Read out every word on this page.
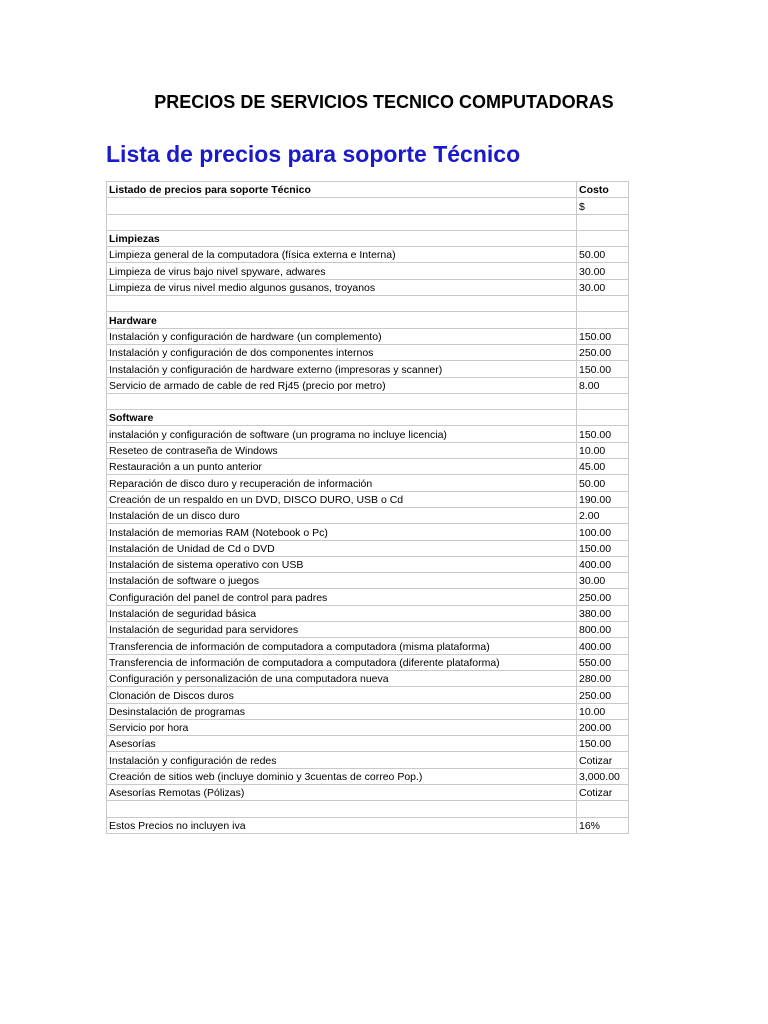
PRECIOS DE SERVICIOS TECNICO COMPUTADORAS
Lista de precios para soporte Técnico
Listado de precios para soporte Técnico	Costo
	$

Limpiezas	
Limpieza general de la computadora (física externa e Interna)	50.00
Limpieza de virus bajo nivel spyware, adwares	30.00
Limpieza de virus nivel medio algunos gusanos, troyanos	30.00

Hardware	
Instalación y configuración de hardware (un complemento)	150.00
Instalación y configuración de dos componentes internos	250.00
Instalación y configuración de hardware externo (impresoras y scanner)	150.00
Servicio de armado de cable de red Rj45 (precio por metro)	8.00

Software	
instalación y configuración de software (un programa no incluye licencia)	150.00
Reseteo de contraseña de Windows	10.00
Restauración a un punto anterior	45.00
Reparación de disco duro y recuperación de información	50.00
Creación de un respaldo en un DVD, DISCO DURO, USB o Cd	190.00
Instalación de un disco duro	2.00
Instalación de memorias RAM (Notebook o Pc)	100.00
Instalación de Unidad de Cd o DVD	150.00
Instalación de sistema operativo con USB	400.00
Instalación de software o juegos	30.00
Configuración del panel de control para padres	250.00
Instalación de seguridad básica	380.00
Instalación de seguridad para servidores	800.00
Transferencia de información de computadora a computadora (misma plataforma)	400.00
Transferencia de información de computadora a computadora (diferente plataforma)	550.00
Configuración y personalización de una computadora nueva	280.00
Clonación de Discos duros	250.00
Desinstalación de programas	10.00
Servicio por hora	200.00
Asesorías	150.00
Instalación y configuración de redes	Cotizar
Creación de sitios web (incluye dominio y 3cuentas de correo Pop.)	3,000.00
Asesorías Remotas (Pólizas)	Cotizar

Estos Precios no incluyen iva	16%
